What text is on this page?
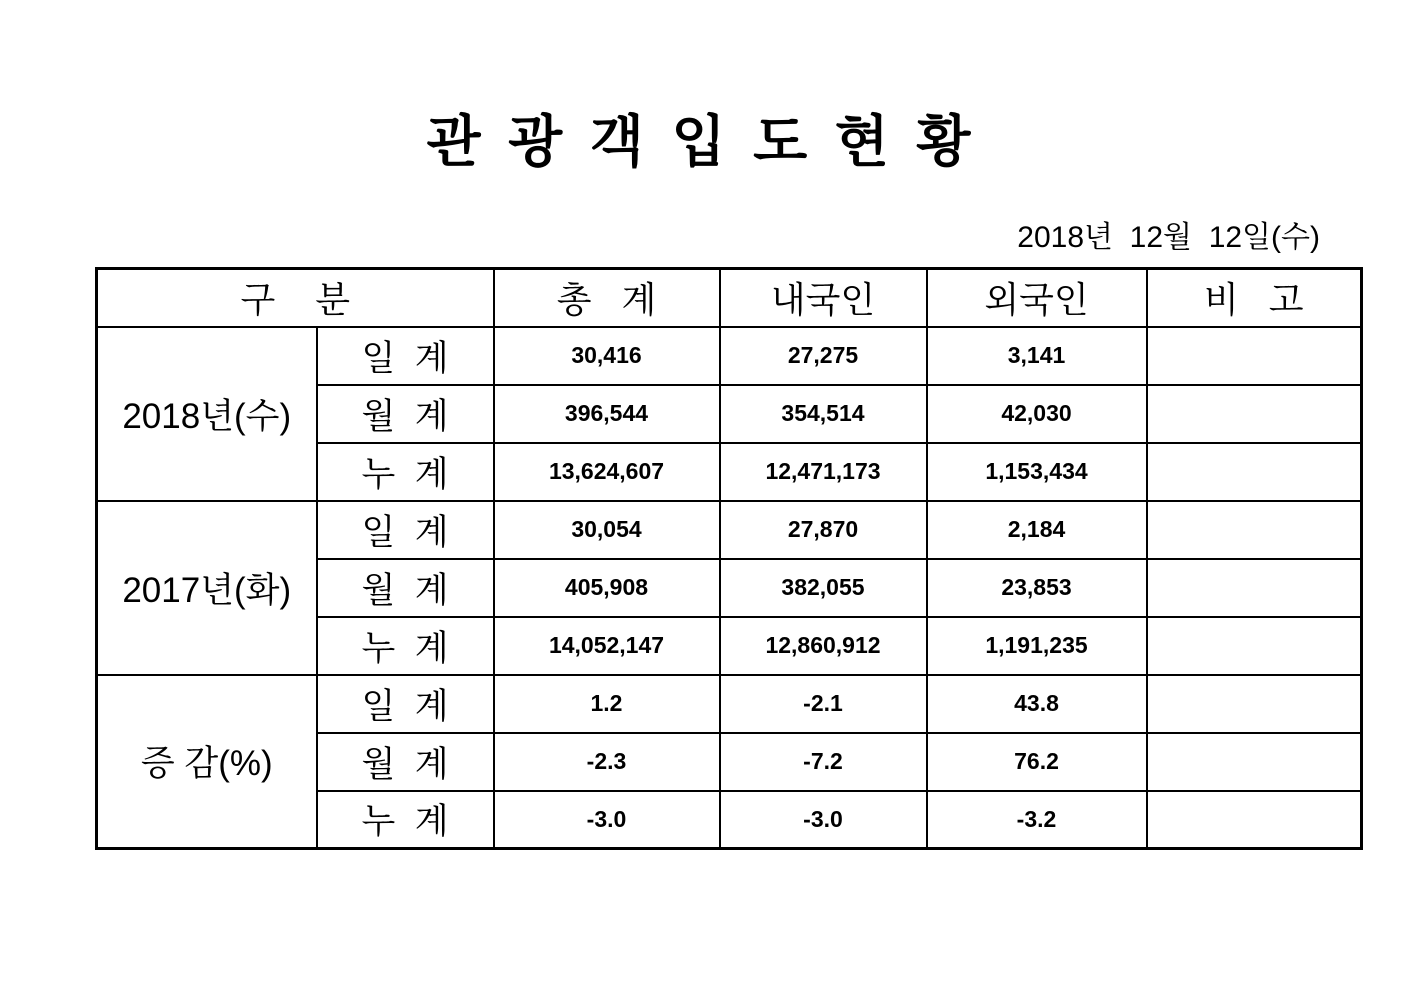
관 광 객 입 도 현 황
2018년  12월  12일(수)
구    분		총   계	내국인	외국인	비   고
2018년(수)	일  계	30,416	27,275	3,141	
	월  계	396,544	354,514	42,030	
	누  계	13,624,607	12,471,173	1,153,434	
2017년(화)	일  계	30,054	27,870	2,184	
	월  계	405,908	382,055	23,853	
	누  계	14,052,147	12,860,912	1,191,235	
증 감(%)	일  계	1.2	-2.1	43.8	
	월  계	-2.3	-7.2	76.2	
	누  계	-3.0	-3.0	-3.2	
